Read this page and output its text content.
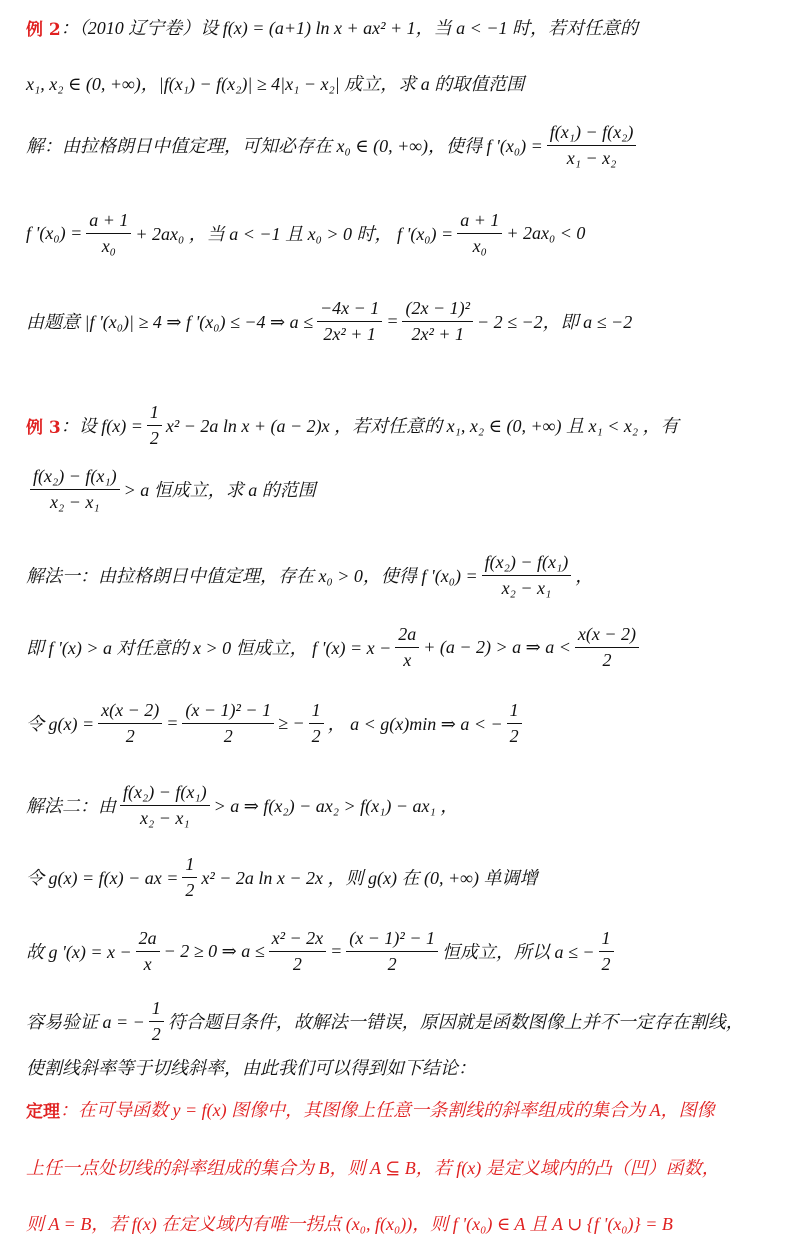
例 2 ：（2010 辽宁卷）设 f(x) = (a+1) ln x + ax² + 1，当 a < −1 时，若对任意的
x₁, x₂ ∈ (0, +∞)，|f(x₁) − f(x₂)| ≥ 4|x₁ − x₂| 成立，求 a 的取值范围
解：由拉格朗日中值定理，可知必存在 x₀ ∈ (0, +∞)，使得 f '$(x_0) = \frac{\text{f(x₁) − f(x₂)}}{\text{x₁ − x₂}}$
f '$(x_0) = \frac{a + 1}{\text{x₀}} + 2ax_0$ ，当 a < −1 且 x₀ > 0 时， f '$(x_0) = \frac{a + 1}{\text{x₀}} + 2ax_0 < 0$
由题意 |f '(x₀)| ≥ 4 ⇒ f '(x₀) ≤ −4 ⇒ $a \le \frac{-4x - 1}{\text{2x² + 1}} = \frac{\text{(2x − 1)²}}{\text{2x² + 1}} - 2 \le -2$，即 a ≤ −2
例 3 ：设 $f(x) = \frac{1}{2} x^2 - 2a$ ln x + (a − 2)x ，若对任意的 x₁, x₂ ∈ (0, +∞) 且 x₁ < x₂ ，有
$\frac{\text{f(x₂) − f(x₁)}}{\text{x₂ − x₁}} > a$ 恒成立，求 a 的范围
解法一：由拉格朗日中值定理，存在 x₀ > 0，使得 f '$(x_0) = \frac{\text{f(x₂) − f(x₁)}}{\text{x₂ − x₁}}$ ，
即 f '(x) > a 对任意的 x > 0 恒成立， f '$(x) = x - \frac{2a}{x} + (a - 2) > a$ ⇒ $a < \frac{x(x - 2)}{2}$
令 $g(x) = \frac{x(x - 2)}{2} = \frac{\text{(x − 1)² − 1}}{2}$ ≥ − $\frac{1}{2}$ ， a < g(x)min ⇒ a < − $\frac{1}{2}$
解法二：由 $\frac{\text{f(x₂) − f(x₁)}}{\text{x₂ − x₁}} > a$ ⇒ f(x₂) − ax₂ > f(x₁) − ax₁ ，
令 g(x) = f(x) − ax = $\frac{1}{2} x^2 - 2a$ ln x − 2x ，则 g(x) 在 (0, +∞) 单调增
故 g '$(x) = x - \frac{2a}{x} - 2 \ge 0$ ⇒ $a \le \frac{\text{x² − 2x}}{2} = \frac{\text{(x − 1)² − 1}}{2}$ 恒成立，所以 a ≤ − $\frac{1}{2}$
容易验证 a = − $\frac{1}{2}$ 符合题目条件，故解法一错误，原因就是函数图像上并不一定存在割线，
使割线斜率等于切线斜率，由此我们可以得到如下结论：
定理 ：在可导函数 y = f(x) 图像中，其图像上任意一条割线的斜率组成的集合为 A，图像
上任一点处切线的斜率组成的集合为 B，则 A ⊆ B，若 f(x) 是定义域内的凸（凹）函数，
则 A = B，若 f(x) 在定义域内有唯一拐点 (x₀, f(x₀))，则 f '(x₀) ∈ A 且 A ∪ {f '(x₀)} = B
